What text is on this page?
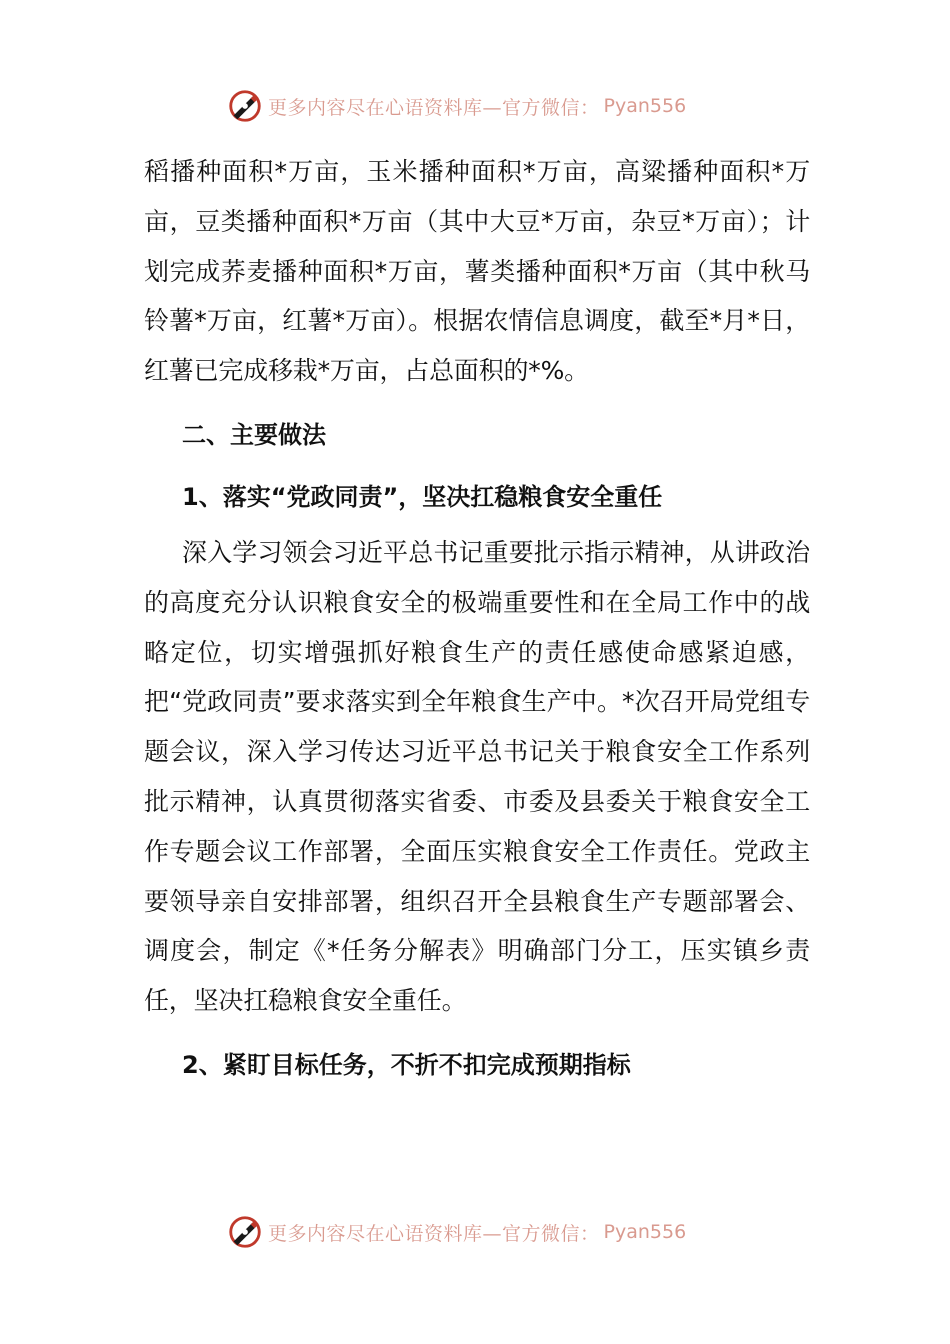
更多内容尽在心语资料库—官方微信： Pyan556

稻播种面积*万亩，玉米播种面积*万亩，高粱播种面积*万亩，豆类播种面积*万亩（其中大豆*万亩，杂豆*万亩）；计划完成荞麦播种面积*万亩，薯类播种面积*万亩（其中秋马铃薯*万亩，红薯*万亩）。根据农情信息调度，截至*月*日，红薯已完成移栽*万亩，占总面积的*%。

二、主要做法

1、落实“党政同责”，坚决扛稳粮食安全重任

深入学习领会习近平总书记重要批示指示精神，从讲政治的高度充分认识粮食安全的极端重要性和在全局工作中的战略定位，切实增强抓好粮食生产的责任感使命感紧迫感，把“党政同责”要求落实到全年粮食生产中。*次召开局党组专题会议，深入学习传达习近平总书记关于粮食安全工作系列批示精神，认真贯彻落实省委、市委及县委关于粮食安全工作专题会议工作部署，全面压实粮食安全工作责任。党政主要领导亲自安排部署，组织召开全县粮食生产专题部署会、调度会，制定《*任务分解表》明确部门分工，压实镇乡责任，坚决扛稳粮食安全重任。

2、紧盯目标任务，不折不扣完成预期指标

更多内容尽在心语资料库—官方微信： Pyan556
